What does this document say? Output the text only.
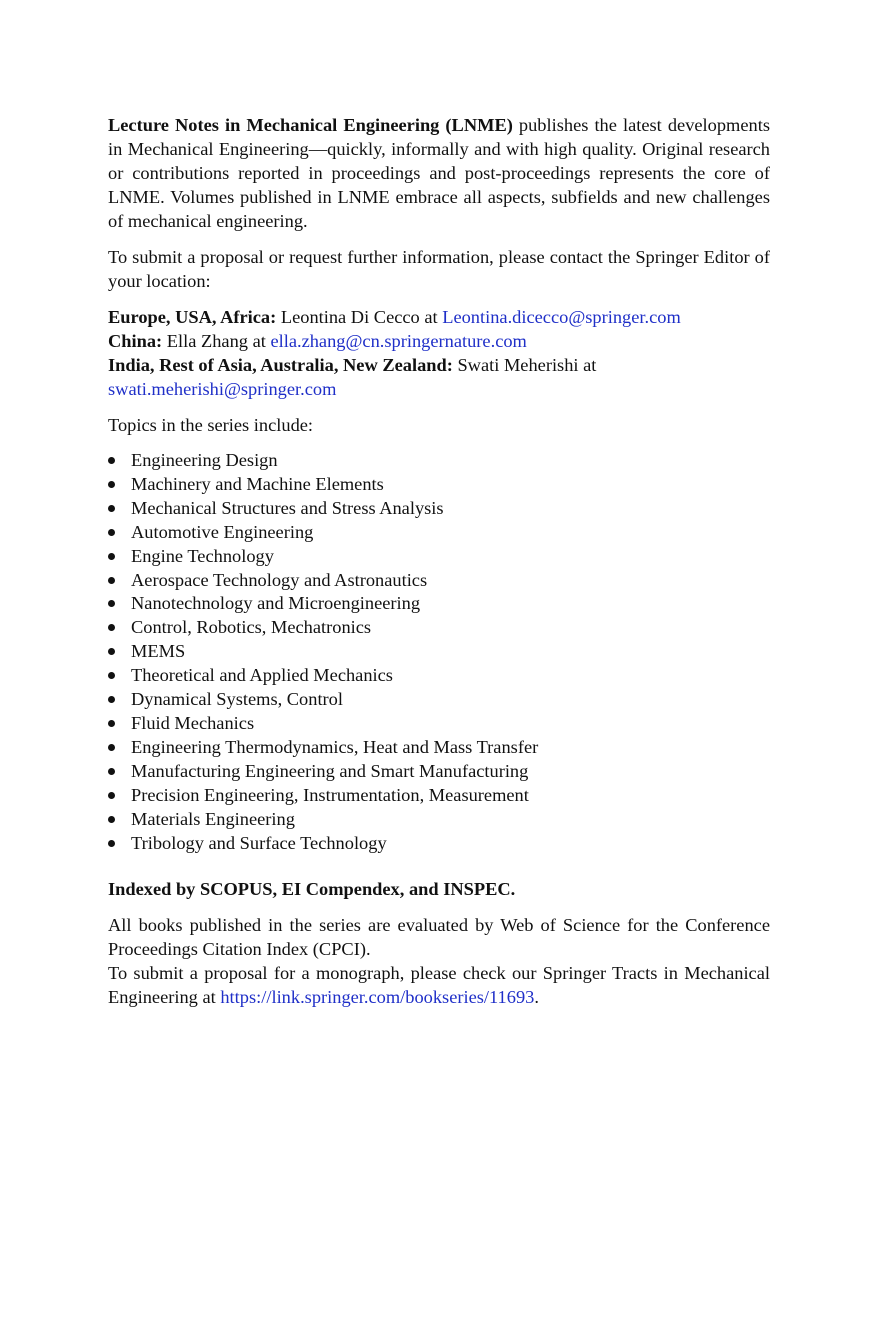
Lecture Notes in Mechanical Engineering (LNME) publishes the latest developments in Mechanical Engineering—quickly, informally and with high quality. Original research or contributions reported in proceedings and post-proceedings represents the core of LNME. Volumes published in LNME embrace all aspects, subfields and new challenges of mechanical engineering.

To submit a proposal or request further information, please contact the Springer Editor of your location:

Europe, USA, Africa: Leontina Di Cecco at Leontina.dicecco@springer.com
China: Ella Zhang at ella.zhang@cn.springernature.com
India, Rest of Asia, Australia, New Zealand: Swati Meherishi at swati.meherishi@springer.com

Topics in the series include:

Engineering Design
Machinery and Machine Elements
Mechanical Structures and Stress Analysis
Automotive Engineering
Engine Technology
Aerospace Technology and Astronautics
Nanotechnology and Microengineering
Control, Robotics, Mechatronics
MEMS
Theoretical and Applied Mechanics
Dynamical Systems, Control
Fluid Mechanics
Engineering Thermodynamics, Heat and Mass Transfer
Manufacturing Engineering and Smart Manufacturing
Precision Engineering, Instrumentation, Measurement
Materials Engineering
Tribology and Surface Technology

Indexed by SCOPUS, EI Compendex, and INSPEC.

All books published in the series are evaluated by Web of Science for the Conference Proceedings Citation Index (CPCI).

To submit a proposal for a monograph, please check our Springer Tracts in Mechanical Engineering at https://link.springer.com/bookseries/11693.
